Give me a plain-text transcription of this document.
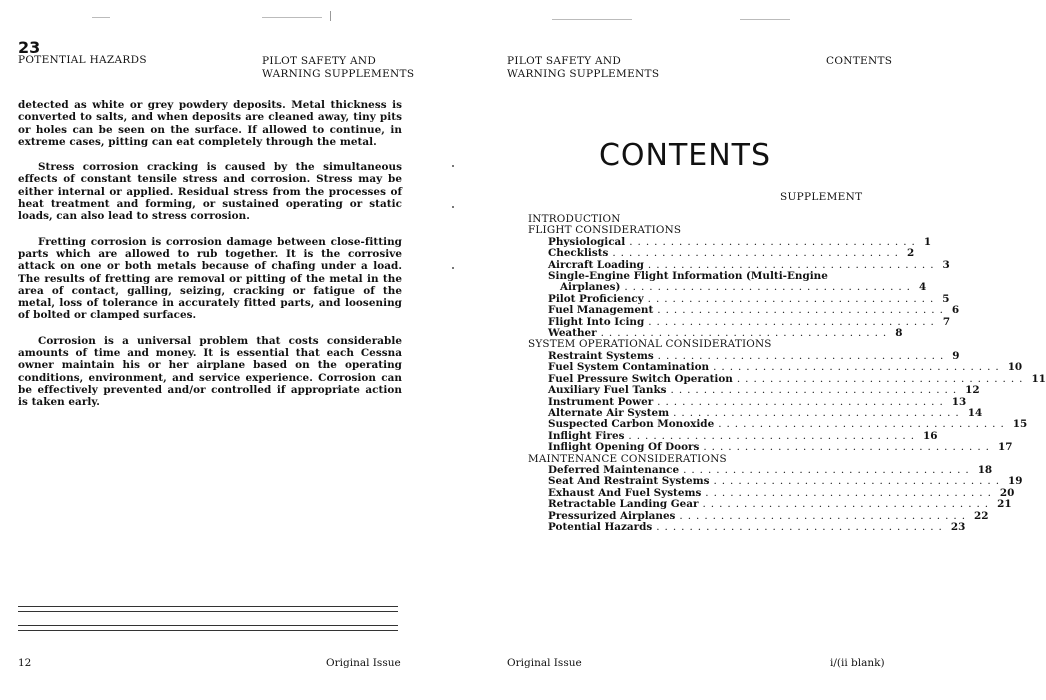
23
POTENTIAL HAZARDS	PILOT SAFETY AND
WARNING SUPPLEMENTS

detected as white or grey powdery deposits. Metal thickness is converted to salts, and when deposits are cleaned away, tiny pits or holes can be seen on the surface. If allowed to continue, in extreme cases, pitting can eat completely through the metal.

Stress corrosion cracking is caused by the simultaneous effects of constant tensile stress and corrosion. Stress may be either internal or applied. Residual stress from the processes of heat treatment and forming, or sustained operating or static loads, can also lead to stress corrosion.

Fretting corrosion is corrosion damage between close-fitting parts which are allowed to rub together. It is the corrosive attack on one or both metals because of chafing under a load. The results of fretting are removal or pitting of the metal in the area of contact, galling, seizing, cracking or fatigue of the metal, loss of tolerance in accurately fitted parts, and loosening of bolted or clamped surfaces.

Corrosion is a universal problem that costs considerable amounts of time and money. It is essential that each Cessna owner maintain his or her airplane based on the operating conditions, environment, and service experience. Corrosion can be effectively prevented and/or controlled if appropriate action is taken early.

12	Original Issue
PILOT SAFETY AND
WARNING SUPPLEMENTS
CONTENTS
CONTENTS
SUPPLEMENT
INTRODUCTION
FLIGHT CONSIDERATIONS
Physiological ................................... 1
Checklists ................................... 2
Aircraft Loading ................................... 3
Single-Engine Flight Information (Multi-Engine
Airplanes) ................................... 4
Pilot Proficiency ................................... 5
Fuel Management ................................... 6
Flight Into Icing ................................... 7
Weather ................................... 8
SYSTEM OPERATIONAL CONSIDERATIONS
Restraint Systems ................................... 9
Fuel System Contamination ................................... 10
Fuel Pressure Switch Operation ................................... 11
Auxiliary Fuel Tanks ................................... 12
Instrument Power ................................... 13
Alternate Air System ................................... 14
Suspected Carbon Monoxide ................................... 15
Inflight Fires ................................... 16
Inflight Opening Of Doors ................................... 17
MAINTENANCE CONSIDERATIONS
Deferred Maintenance ................................... 18
Seat And Restraint Systems ................................... 19
Exhaust And Fuel Systems ................................... 20
Retractable Landing Gear ................................... 21
Pressurized Airplanes ................................... 22
Potential Hazards ................................... 23
Original Issue	i/(ii blank)
